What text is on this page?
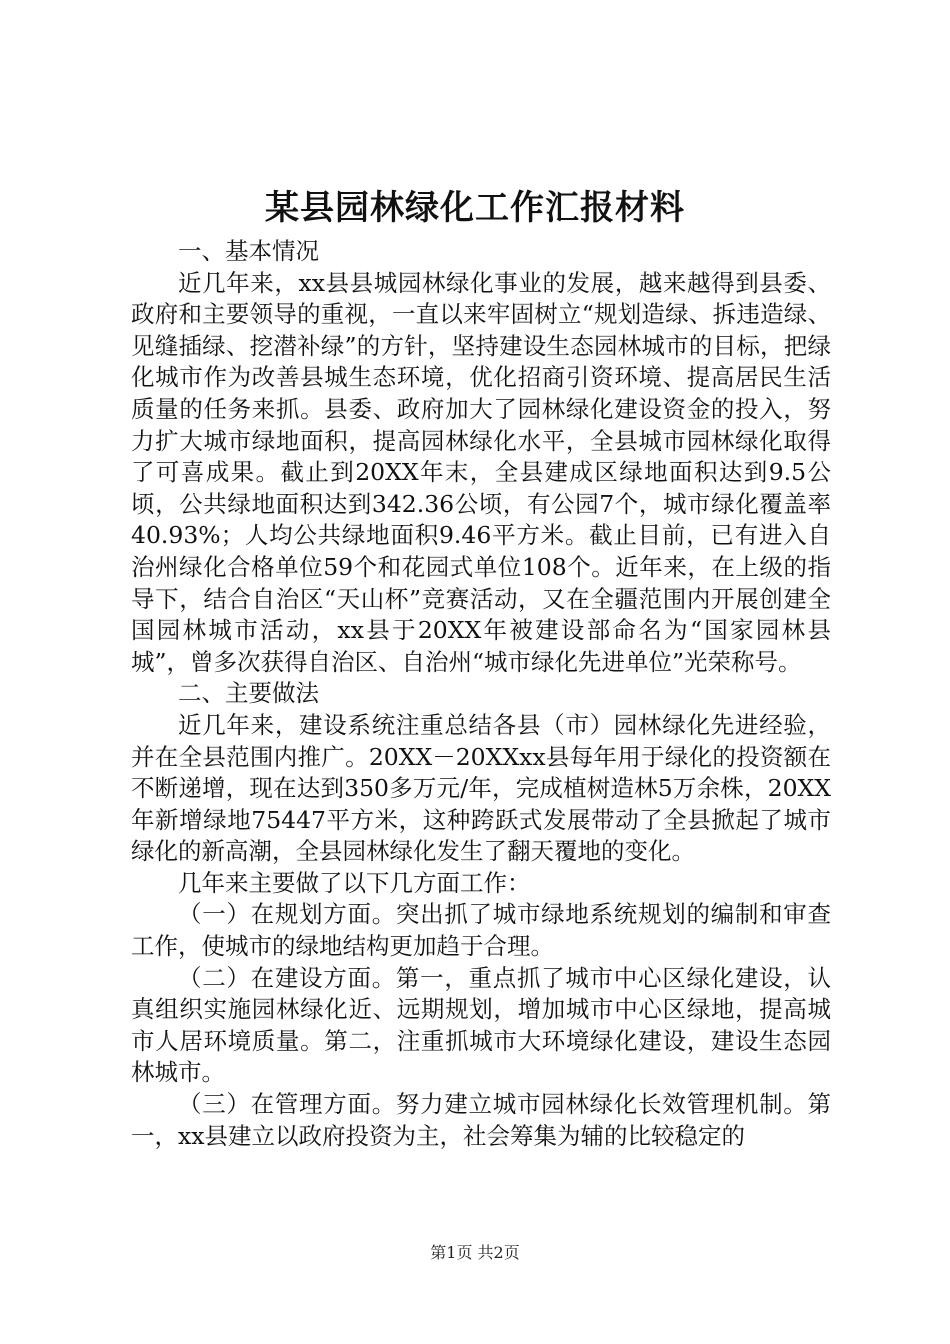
某县园林绿化工作汇报材料

一、基本情况

近几年来，xx县县城园林绿化事业的发展，越来越得到县委、政府和主要领导的重视，一直以来牢固树立“规划造绿、拆违造绿、见缝插绿、挖潜补绿”的方针，坚持建设生态园林城市的目标，把绿化城市作为改善县城生态环境，优化招商引资环境、提高居民生活质量的任务来抓。县委、政府加大了园林绿化建设资金的投入，努力扩大城市绿地面积，提高园林绿化水平，全县城市园林绿化取得了可喜成果。截止到20XX年末，全县建成区绿地面积达到9.5公顷，公共绿地面积达到342.36公顷，有公园7个，城市绿化覆盖率40.93%；人均公共绿地面积9.46平方米。截止目前，已有进入自治州绿化合格单位59个和花园式单位108个。近年来，在上级的指导下，结合自治区“天山杯”竞赛活动，又在全疆范围内开展创建全国园林城市活动，xx县于20XX年被建设部命名为“国家园林县城”，曾多次获得自治区、自治州“城市绿化先进单位”光荣称号。

二、主要做法

近几年来，建设系统注重总结各县（市）园林绿化先进经验，并在全县范围内推广。20XX－20XXxx县每年用于绿化的投资额在不断递增，现在达到350多万元/年，完成植树造林5万余株，20XX年新增绿地75447平方米，这种跨跃式发展带动了全县掀起了城市绿化的新高潮，全县园林绿化发生了翻天覆地的变化。

几年来主要做了以下几方面工作：

（一）在规划方面。突出抓了城市绿地系统规划的编制和审查工作，使城市的绿地结构更加趋于合理。

（二）在建设方面。第一，重点抓了城市中心区绿化建设，认真组织实施园林绿化近、远期规划，增加城市中心区绿地，提高城市人居环境质量。第二，注重抓城市大环境绿化建设，建设生态园林城市。

（三）在管理方面。努力建立城市园林绿化长效管理机制。第一，xx县建立以政府投资为主，社会筹集为辅的比较稳定的

第1页 共2页
